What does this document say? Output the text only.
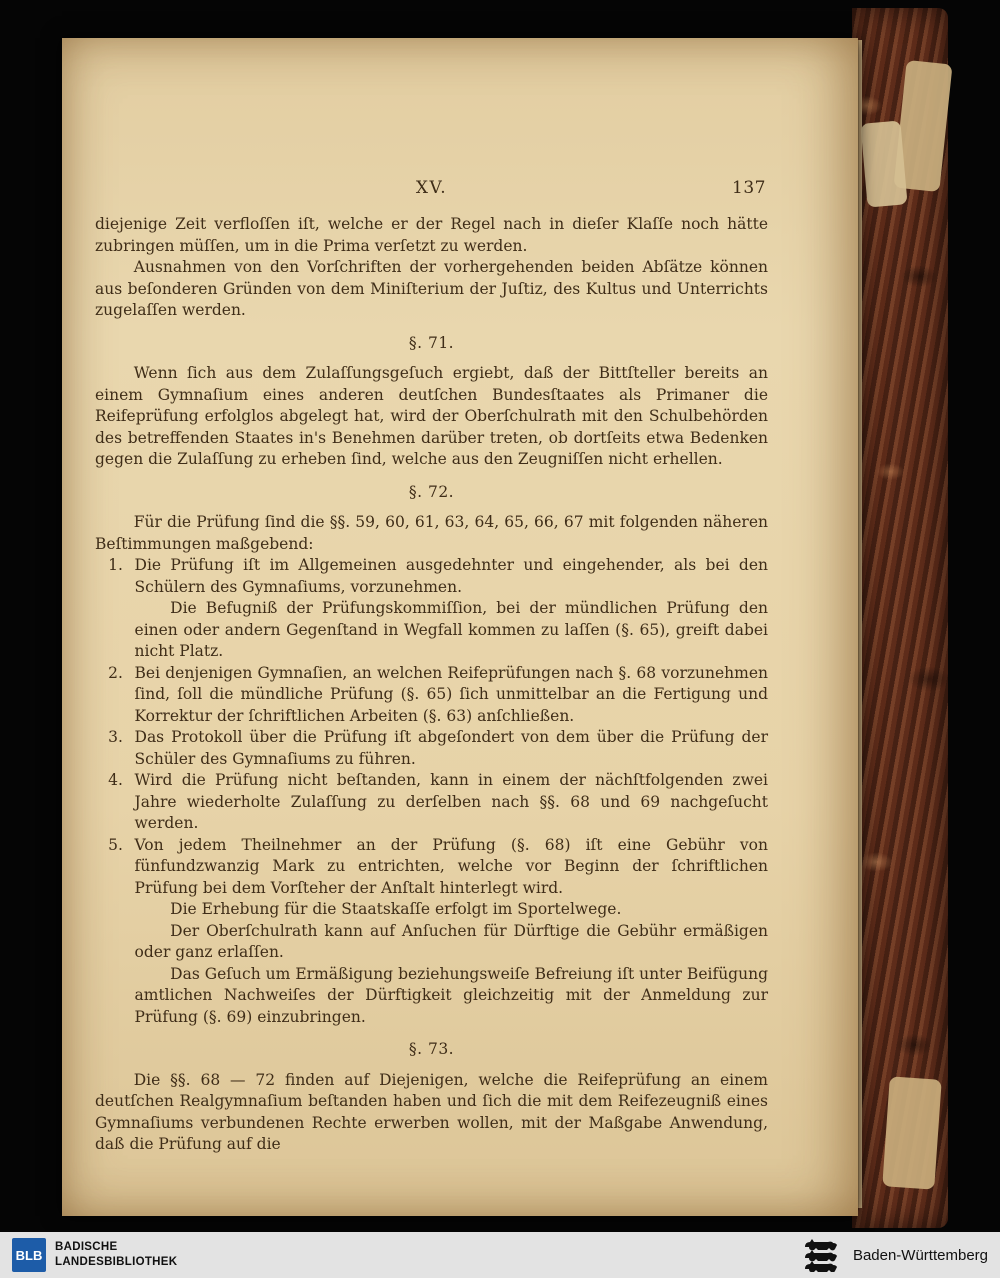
XV.	137

diejenige Zeit verfloſſen iſt, welche er der Regel nach in dieſer Klaſſe noch hätte zubringen müſſen, um in die Prima verſetzt zu werden.

Ausnahmen von den Vorſchriften der vorhergehenden beiden Abſätze können aus beſonderen Gründen von dem Miniſterium der Juſtiz, des Kultus und Unterrichts zugelaſſen werden.

§. 71.

Wenn ſich aus dem Zulaſſungsgeſuch ergiebt, daß der Bittſteller bereits an einem Gymnaſium eines anderen deutſchen Bundesſtaates als Primaner die Reifeprüfung erfolglos abgelegt hat, wird der Oberſchulrath mit den Schulbehörden des betreffenden Staates in's Benehmen darüber treten, ob dortſeits etwa Bedenken gegen die Zulaſſung zu erheben ſind, welche aus den Zeugniſſen nicht erhellen.

§. 72.

Für die Prüfung ſind die §§. 59, 60, 61, 63, 64, 65, 66, 67 mit folgenden näheren Beſtimmungen maßgebend:

1. Die Prüfung iſt im Allgemeinen ausgedehnter und eingehender, als bei den Schülern des Gymnaſiums, vorzunehmen.

Die Befugniß der Prüfungskommiſſion, bei der mündlichen Prüfung den einen oder andern Gegenſtand in Wegfall kommen zu laſſen (§. 65), greift dabei nicht Platz.

2. Bei denjenigen Gymnaſien, an welchen Reifeprüfungen nach §. 68 vorzunehmen ſind, ſoll die mündliche Prüfung (§. 65) ſich unmittelbar an die Fertigung und Korrektur der ſchriftlichen Arbeiten (§. 63) anſchließen.
3. Das Protokoll über die Prüfung iſt abgeſondert von dem über die Prüfung der Schüler des Gymnaſiums zu führen.
4. Wird die Prüfung nicht beſtanden, kann in einem der nächſtfolgenden zwei Jahre wiederholte Zulaſſung zu derſelben nach §§. 68 und 69 nachgeſucht werden.
5. Von jedem Theilnehmer an der Prüfung (§. 68) iſt eine Gebühr von fünfundzwanzig Mark zu entrichten, welche vor Beginn der ſchriftlichen Prüfung bei dem Vorſteher der Anſtalt hinterlegt wird.

Die Erhebung für die Staatskaſſe erfolgt im Sportelwege.

Der Oberſchulrath kann auf Anſuchen für Dürftige die Gebühr ermäßigen oder ganz erlaſſen.

Das Geſuch um Ermäßigung beziehungsweiſe Befreiung iſt unter Beifügung amtlichen Nachweiſes der Dürftigkeit gleichzeitig mit der Anmeldung zur Prüfung (§. 69) einzubringen.

§. 73.

Die §§. 68 — 72 finden auf Diejenigen, welche die Reifeprüfung an einem deutſchen Realgymnaſium beſtanden haben und ſich die mit dem Reifezeugniß eines Gymnaſiums verbundenen Rechte erwerben wollen, mit der Maßgabe Anwendung, daß die Prüfung auf die

BLB
BADISCHE
LANDESBIBLIOTHEK	Baden-Württemberg
